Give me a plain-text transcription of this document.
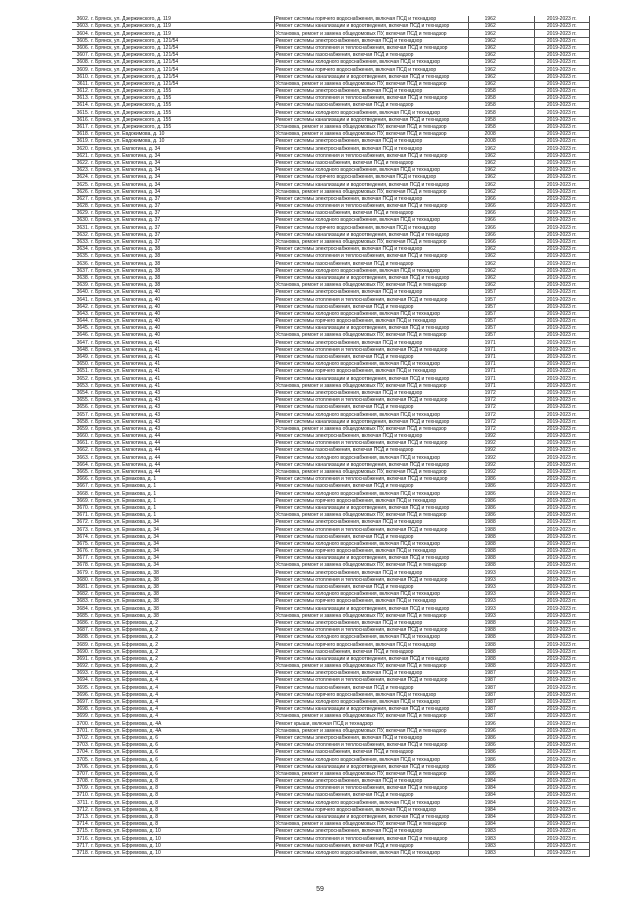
3602.	г. Брянск, ул. Дзержинского, д. 119	Ремонт системы горячего водоснабжения, включая ПСД и технадзор	1962		2019-2023 гг.
3603.	г. Брянск, ул. Дзержинского, д. 119	Ремонт системы канализации и водоотведения, включая ПСД и технадзор	1962		2019-2023 гг.
3604.	г. Брянск, ул. Дзержинского, д. 119	Установка, ремонт и замена общедомовых ПУ, включая ПСД и технадзор	1962		2019-2023 гг.
3605.	г. Брянск, ул. Дзержинского, д. 121/54	Ремонт системы электроснабжения, включая ПСД и технадзор	1962		2019-2023 гг.
3606.	г. Брянск, ул. Дзержинского, д. 121/54	Ремонт системы отопления и теплоснабжения, включая ПСД и технадзор	1962		2019-2023 гг.
3607.	г. Брянск, ул. Дзержинского, д. 121/54	Ремонт системы газоснабжения, включая ПСД и технадзор	1962		2019-2023 гг.
3608.	г. Брянск, ул. Дзержинского, д. 121/54	Ремонт системы холодного водоснабжения, включая ПСД и технадзор	1962		2019-2023 гг.
3609.	г. Брянск, ул. Дзержинского, д. 121/54	Ремонт системы горячего водоснабжения, включая ПСД и технадзор	1962		2019-2023 гг.
3610.	г. Брянск, ул. Дзержинского, д. 121/54	Ремонт системы канализации и водоотведения, включая ПСД и технадзор	1962		2019-2023 гг.
3611.	г. Брянск, ул. Дзержинского, д. 121/54	Установка, ремонт и замена общедомовых ПУ, включая ПСД и технадзор	1962		2019-2023 гг.
3612.	г. Брянск, ул. Дзержинского, д. 155	Ремонт системы электроснабжения, включая ПСД и технадзор	1958		2019-2023 гг.
3613.	г. Брянск, ул. Дзержинского, д. 155	Ремонт системы отопления и теплоснабжения, включая ПСД и технадзор	1958		2019-2023 гг.
3614.	г. Брянск, ул. Дзержинского, д. 155	Ремонт системы газоснабжения, включая ПСД и технадзор	1958		2019-2023 гг.
3615.	г. Брянск, ул. Дзержинского, д. 155	Ремонт системы холодного водоснабжения, включая ПСД и технадзор	1958		2019-2023 гг.
3616.	г. Брянск, ул. Дзержинского, д. 155	Ремонт системы канализации и водоотведения, включая ПСД и технадзор	1958		2019-2023 гг.
3617.	г. Брянск, ул. Дзержинского, д. 155	Установка, ремонт и замена общедомовых ПУ, включая ПСД и технадзор	1958		2019-2023 гг.
3618.	г. Брянск, ул. Евдокимова, д. 10	Установка, ремонт и замена общедомовых ПУ, включая ПСД и технадзор	2008		2019-2023 гг.
3619.	г. Брянск, ул. Евдокимова, д. 10	Ремонт системы электроснабжения, включая ПСД и технадзор	2008		2019-2023 гг.
3620.	г. Брянск, ул. Емлютина, д. 34	Ремонт системы электроснабжения, включая ПСД и технадзор	1962		2019-2023 гг.
3621.	г. Брянск, ул. Емлютина, д. 34	Ремонт системы отопления и теплоснабжения, включая ПСД и технадзор	1962		2019-2023 гг.
3622.	г. Брянск, ул. Емлютина, д. 34	Ремонт системы газоснабжения, включая ПСД и технадзор	1962		2019-2023 гг.
3623.	г. Брянск, ул. Емлютина, д. 34	Ремонт системы холодного водоснабжения, включая ПСД и технадзор	1962		2019-2023 гг.
3624.	г. Брянск, ул. Емлютина, д. 34	Ремонт системы горячего водоснабжения, включая ПСД и технадзор	1962		2019-2023 гг.
3625.	г. Брянск, ул. Емлютина, д. 34	Ремонт системы канализации и водоотведения, включая ПСД и технадзор	1962		2019-2023 гг.
3626.	г. Брянск, ул. Емлютина, д. 34	Установка, ремонт и замена общедомовых ПУ, включая ПСД и технадзор	1962		2019-2023 гг.
3627.	г. Брянск, ул. Емлютина, д. 37	Ремонт системы электроснабжения, включая ПСД и технадзор	1966		2019-2023 гг.
3628.	г. Брянск, ул. Емлютина, д. 37	Ремонт системы отопления и теплоснабжения, включая ПСД и технадзор	1966		2019-2023 гг.
3629.	г. Брянск, ул. Емлютина, д. 37	Ремонт системы газоснабжения, включая ПСД и технадзор	1966		2019-2023 гг.
3630.	г. Брянск, ул. Емлютина, д. 37	Ремонт системы холодного водоснабжения, включая ПСД и технадзор	1966		2019-2023 гг.
3631.	г. Брянск, ул. Емлютина, д. 37	Ремонт системы горячего водоснабжения, включая ПСД и технадзор	1966		2019-2023 гг.
3632.	г. Брянск, ул. Емлютина, д. 37	Ремонт системы канализации и водоотведения, включая ПСД и технадзор	1966		2019-2023 гг.
3633.	г. Брянск, ул. Емлютина, д. 37	Установка, ремонт и замена общедомовых ПУ, включая ПСД и технадзор	1966		2019-2023 гг.
3634.	г. Брянск, ул. Емлютина, д. 38	Ремонт системы электроснабжения, включая ПСД и технадзор	1962		2019-2023 гг.
3635.	г. Брянск, ул. Емлютина, д. 38	Ремонт системы отопления и теплоснабжения, включая ПСД и технадзор	1962		2019-2023 гг.
3636.	г. Брянск, ул. Емлютина, д. 38	Ремонт системы газоснабжения, включая ПСД и технадзор	1962		2019-2023 гг.
3637.	г. Брянск, ул. Емлютина, д. 38	Ремонт системы холодного водоснабжения, включая ПСД и технадзор	1962		2019-2023 гг.
3638.	г. Брянск, ул. Емлютина, д. 38	Ремонт системы канализации и водоотведения, включая ПСД и технадзор	1962		2019-2023 гг.
3639.	г. Брянск, ул. Емлютина, д. 38	Установка, ремонт и замена общедомовых ПУ, включая ПСД и технадзор	1962		2019-2023 гг.
3640.	г. Брянск, ул. Емлютина, д. 40	Ремонт системы электроснабжения, включая ПСД и технадзор	1957		2019-2023 гг.
3641.	г. Брянск, ул. Емлютина, д. 40	Ремонт системы отопления и теплоснабжения, включая ПСД и технадзор	1957		2019-2023 гг.
3642.	г. Брянск, ул. Емлютина, д. 40	Ремонт системы газоснабжения, включая ПСД и технадзор	1957		2019-2023 гг.
3643.	г. Брянск, ул. Емлютина, д. 40	Ремонт системы холодного водоснабжения, включая ПСД и технадзор	1957		2019-2023 гг.
3644.	г. Брянск, ул. Емлютина, д. 40	Ремонт системы горячего водоснабжения, включая ПСД и технадзор	1957		2019-2023 гг.
3645.	г. Брянск, ул. Емлютина, д. 40	Ремонт системы канализации и водоотведения, включая ПСД и технадзор	1957		2019-2023 гг.
3646.	г. Брянск, ул. Емлютина, д. 40	Установка, ремонт и замена общедомовых ПУ, включая ПСД и технадзор	1957		2019-2023 гг.
3647.	г. Брянск, ул. Емлютина, д. 41	Ремонт системы электроснабжения, включая ПСД и технадзор	1971		2019-2023 гг.
3648.	г. Брянск, ул. Емлютина, д. 41	Ремонт системы отопления и теплоснабжения, включая ПСД и технадзор	1971		2019-2023 гг.
3649.	г. Брянск, ул. Емлютина, д. 41	Ремонт системы газоснабжения, включая ПСД и технадзор	1971		2019-2023 гг.
3650.	г. Брянск, ул. Емлютина, д. 41	Ремонт системы холодного водоснабжения, включая ПСД и технадзор	1971		2019-2023 гг.
3651.	г. Брянск, ул. Емлютина, д. 41	Ремонт системы горячего водоснабжения, включая ПСД и технадзор	1971		2019-2023 гг.
3652.	г. Брянск, ул. Емлютина, д. 41	Ремонт системы канализации и водоотведения, включая ПСД и технадзор	1971		2019-2023 гг.
3653.	г. Брянск, ул. Емлютина, д. 41	Установка, ремонт и замена общедомовых ПУ, включая ПСД и технадзор	1971		2019-2023 гг.
3654.	г. Брянск, ул. Емлютина, д. 43	Ремонт системы электроснабжения, включая ПСД и технадзор	1972		2019-2023 гг.
3655.	г. Брянск, ул. Емлютина, д. 43	Ремонт системы отопления и теплоснабжения, включая ПСД и технадзор	1972		2019-2023 гг.
3656.	г. Брянск, ул. Емлютина, д. 43	Ремонт системы газоснабжения, включая ПСД и технадзор	1972		2019-2023 гг.
3657.	г. Брянск, ул. Емлютина, д. 43	Ремонт системы холодного водоснабжения, включая ПСД и технадзор	1972		2019-2023 гг.
3658.	г. Брянск, ул. Емлютина, д. 43	Ремонт системы канализации и водоотведения, включая ПСД и технадзор	1972		2019-2023 гг.
3659.	г. Брянск, ул. Емлютина, д. 43	Установка, ремонт и замена общедомовых ПУ, включая ПСД и технадзор	1972		2019-2023 гг.
3660.	г. Брянск, ул. Емлютина, д. 44	Ремонт системы электроснабжения, включая ПСД и технадзор	1992		2019-2023 гг.
3661.	г. Брянск, ул. Емлютина, д. 44	Ремонт системы отопления и теплоснабжения, включая ПСД и технадзор	1992		2019-2023 гг.
3662.	г. Брянск, ул. Емлютина, д. 44	Ремонт системы газоснабжения, включая ПСД и технадзор	1992		2019-2023 гг.
3663.	г. Брянск, ул. Емлютина, д. 44	Ремонт системы холодного водоснабжения, включая ПСД и технадзор	1992		2019-2023 гг.
3664.	г. Брянск, ул. Емлютина, д. 44	Ремонт системы канализации и водоотведения, включая ПСД и технадзор	1992		2019-2023 гг.
3665.	г. Брянск, ул. Емлютина, д. 44	Установка, ремонт и замена общедомовых ПУ, включая ПСД и технадзор	1992		2019-2023 гг.
3666.	г. Брянск, ул. Ермакова, д. 1	Ремонт системы отопления и теплоснабжения, включая ПСД и технадзор	1986		2019-2023 гг.
3667.	г. Брянск, ул. Ермакова, д. 1	Ремонт системы газоснабжения, включая ПСД и технадзор	1986		2019-2023 гг.
3668.	г. Брянск, ул. Ермакова, д. 1	Ремонт системы холодного водоснабжения, включая ПСД и технадзор	1986		2019-2023 гг.
3669.	г. Брянск, ул. Ермакова, д. 1	Ремонт системы горячего водоснабжения, включая ПСД и технадзор	1986		2019-2023 гг.
3670.	г. Брянск, ул. Ермакова, д. 1	Ремонт системы канализации и водоотведения, включая ПСД и технадзор	1986		2019-2023 гг.
3671.	г. Брянск, ул. Ермакова, д. 1	Установка, ремонт и замена общедомовых ПУ, включая ПСД и технадзор	1986		2019-2023 гг.
3672.	г. Брянск, ул. Ермакова, д. 34	Ремонт системы электроснабжения, включая ПСД и технадзор	1988		2019-2023 гг.
3673.	г. Брянск, ул. Ермакова, д. 34	Ремонт системы отопления и теплоснабжения, включая ПСД и технадзор	1988		2019-2023 гг.
3674.	г. Брянск, ул. Ермакова, д. 34	Ремонт системы газоснабжения, включая ПСД и технадзор	1988		2019-2023 гг.
3675.	г. Брянск, ул. Ермакова, д. 34	Ремонт системы холодного водоснабжения, включая ПСД и технадзор	1988		2019-2023 гг.
3676.	г. Брянск, ул. Ермакова, д. 34	Ремонт системы горячего водоснабжения, включая ПСД и технадзор	1988		2019-2023 гг.
3677.	г. Брянск, ул. Ермакова, д. 34	Ремонт системы канализации и водоотведения, включая ПСД и технадзор	1988		2019-2023 гг.
3678.	г. Брянск, ул. Ермакова, д. 34	Установка, ремонт и замена общедомовых ПУ, включая ПСД и технадзор	1988		2019-2023 гг.
3679.	г. Брянск, ул. Ермакова, д. 38	Ремонт системы электроснабжения, включая ПСД и технадзор	1993		2019-2023 гг.
3680.	г. Брянск, ул. Ермакова, д. 38	Ремонт системы отопления и теплоснабжения, включая ПСД и технадзор	1993		2019-2023 гг.
3681.	г. Брянск, ул. Ермакова, д. 38	Ремонт системы газоснабжения, включая ПСД и технадзор	1993		2019-2023 гг.
3682.	г. Брянск, ул. Ермакова, д. 38	Ремонт системы холодного водоснабжения, включая ПСД и технадзор	1993		2019-2023 гг.
3683.	г. Брянск, ул. Ермакова, д. 38	Ремонт системы горячего водоснабжения, включая ПСД и технадзор	1993		2019-2023 гг.
3684.	г. Брянск, ул. Ермакова, д. 38	Ремонт системы канализации и водоотведения, включая ПСД и технадзор	1993		2019-2023 гг.
3685.	г. Брянск, ул. Ермакова, д. 38	Установка, ремонт и замена общедомовых ПУ, включая ПСД и технадзор	1993		2019-2023 гг.
3686.	г. Брянск, ул. Ефремова, д. 2	Ремонт системы электроснабжения, включая ПСД и технадзор	1988		2019-2023 гг.
3687.	г. Брянск, ул. Ефремова, д. 2	Ремонт системы отопления и теплоснабжения, включая ПСД и технадзор	1988		2019-2023 гг.
3688.	г. Брянск, ул. Ефремова, д. 2	Ремонт системы холодного водоснабжения, включая ПСД и технадзор	1988		2019-2023 гг.
3689.	г. Брянск, ул. Ефремова, д. 2	Ремонт системы горячего водоснабжения, включая ПСД и технадзор	1988		2019-2023 гг.
3690.	г. Брянск, ул. Ефремова, д. 2	Ремонт системы газоснабжения, включая ПСД и технадзор	1988		2019-2023 гг.
3691.	г. Брянск, ул. Ефремова, д. 2	Ремонт системы канализации и водоотведения, включая ПСД и технадзор	1988		2019-2023 гг.
3692.	г. Брянск, ул. Ефремова, д. 2	Установка, ремонт и замена общедомовых ПУ, включая ПСД и технадзор	1988		2019-2023 гг.
3693.	г. Брянск, ул. Ефремова, д. 4	Ремонт системы электроснабжения, включая ПСД и технадзор	1987		2019-2023 гг.
3694.	г. Брянск, ул. Ефремова, д. 4	Ремонт системы отопления и теплоснабжения, включая ПСД и технадзор	1987		2019-2023 гг.
3695.	г. Брянск, ул. Ефремова, д. 4	Ремонт системы газоснабжения, включая ПСД и технадзор	1987		2019-2023 гг.
3696.	г. Брянск, ул. Ефремова, д. 4	Ремонт системы горячего водоснабжения, включая ПСД и технадзор	1987		2019-2023 гг.
3697.	г. Брянск, ул. Ефремова, д. 4	Ремонт системы холодного водоснабжения, включая ПСД и технадзор	1987		2019-2023 гг.
3698.	г. Брянск, ул. Ефремова, д. 4	Ремонт системы канализации и водоотведения, включая ПСД и технадзор	1987		2019-2023 гг.
3699.	г. Брянск, ул. Ефремова, д. 4	Установка, ремонт и замена общедомовых ПУ, включая ПСД и технадзор	1987		2019-2023 гг.
3700.	г. Брянск, ул. Ефремова, д. 4А	Ремонт крыши, включая ПСД и технадзор	1996		2019-2023 гг.
3701.	г. Брянск, ул. Ефремова, д. 4А	Установка, ремонт и замена общедомовых ПУ, включая ПСД и технадзор	1996		2019-2023 гг.
3702.	г. Брянск, ул. Ефремова, д. 6	Ремонт системы электроснабжения, включая ПСД и технадзор	1986		2019-2023 гг.
3703.	г. Брянск, ул. Ефремова, д. 6	Ремонт системы отопления и теплоснабжения, включая ПСД и технадзор	1986		2019-2023 гг.
3704.	г. Брянск, ул. Ефремова, д. 6	Ремонт системы газоснабжения, включая ПСД и технадзор	1986		2019-2023 гг.
3705.	г. Брянск, ул. Ефремова, д. 6	Ремонт системы холодного водоснабжения, включая ПСД и технадзор	1986		2019-2023 гг.
3706.	г. Брянск, ул. Ефремова, д. 6	Ремонт системы канализации и водоотведения, включая ПСД и технадзор	1986		2019-2023 гг.
3707.	г. Брянск, ул. Ефремова, д. 6	Установка, ремонт и замена общедомовых ПУ, включая ПСД и технадзор	1986		2019-2023 гг.
3708.	г. Брянск, ул. Ефремова, д. 8	Ремонт системы электроснабжения, включая ПСД и технадзор	1984		2019-2023 гг.
3709.	г. Брянск, ул. Ефремова, д. 8	Ремонт системы отопления и теплоснабжения, включая ПСД и технадзор	1984		2019-2023 гг.
3710.	г. Брянск, ул. Ефремова, д. 8	Ремонт системы газоснабжения, включая ПСД и технадзор	1984		2019-2023 гг.
3711.	г. Брянск, ул. Ефремова, д. 8	Ремонт системы холодного водоснабжения, включая ПСД и технадзор	1984		2019-2023 гг.
3712.	г. Брянск, ул. Ефремова, д. 8	Ремонт системы горячего водоснабжения, включая ПСД и технадзор	1984		2019-2023 гг.
3713.	г. Брянск, ул. Ефремова, д. 8	Ремонт системы канализации и водоотведения, включая ПСД и технадзор	1984		2019-2023 гг.
3714.	г. Брянск, ул. Ефремова, д. 8	Установка, ремонт и замена общедомовых ПУ, включая ПСД и технадзор	1984		2019-2023 гг.
3715.	г. Брянск, ул. Ефремова, д. 10	Ремонт системы электроснабжения, включая ПСД и технадзор	1983		2019-2023 гг.
3716.	г. Брянск, ул. Ефремова, д. 10	Ремонт системы отопления и теплоснабжения, включая ПСД и технадзор	1983		2019-2023 гг.
3717.	г. Брянск, ул. Ефремова, д. 10	Ремонт системы газоснабжения, включая ПСД и технадзор	1983		2019-2023 гг.
3718.	г. Брянск, ул. Ефремова, д. 10	Ремонт системы холодного водоснабжения, включая ПСД и технадзор	1983		2019-2023 гг.
59
